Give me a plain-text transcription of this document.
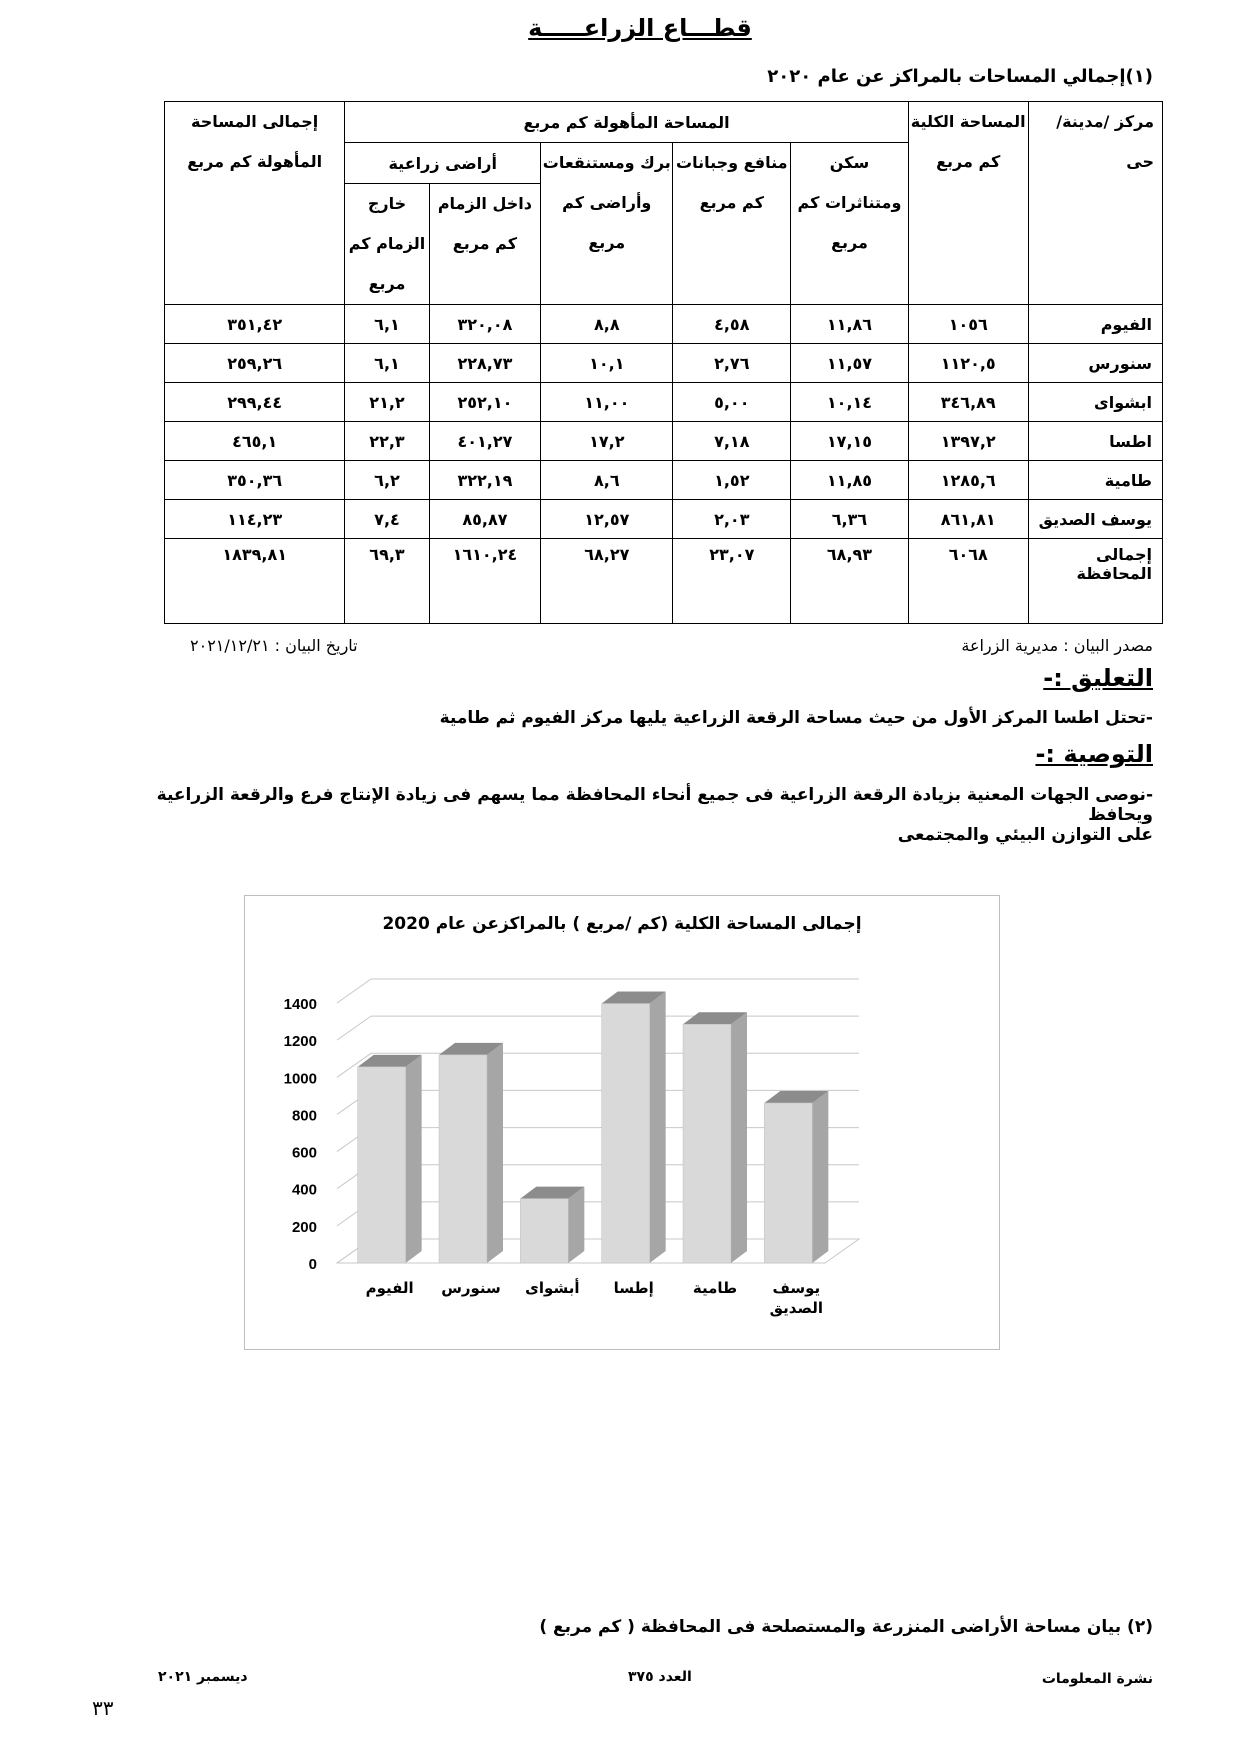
قطـــاع الزراعـــــة
(١)إجمالي المساحات بالمراكز عن عام ٢٠٢٠
مركز /مدينة/حى	المساحة الكلية كم مربع	المساحة المأهولة كم مربع					إجمالى المساحة المأهولة كم مربع
		سكن ومتناثرات كم مربع	منافع وجبانات كم مربع	برك ومستنقعات وأراضى كم مربع	أراضى زراعية		
					داخل الزمام كم مربع	خارج الزمام كم مربع	
الفيوم	١٠٥٦	١١,٨٦	٤,٥٨	٨,٨	٣٢٠,٠٨	٦,١	٣٥١,٤٢
سنورس	١١٢٠,٥	١١,٥٧	٢,٧٦	١٠,١	٢٢٨,٧٣	٦,١	٢٥٩,٢٦
ابشواى	٣٤٦,٨٩	١٠,١٤	٥,٠٠	١١,٠٠	٢٥٢,١٠	٢١,٢	٢٩٩,٤٤
اطسا	١٣٩٧,٢	١٧,١٥	٧,١٨	١٧,٢	٤٠١,٢٧	٢٢,٣	٤٦٥,١
طامية	١٢٨٥,٦	١١,٨٥	١,٥٢	٨,٦	٣٢٢,١٩	٦,٢	٣٥٠,٣٦
يوسف الصديق	٨٦١,٨١	٦,٣٦	٢,٠٣	١٢,٥٧	٨٥,٨٧	٧,٤	١١٤,٢٣
إجمالى المحافظة	٦٠٦٨	٦٨,٩٣	٢٣,٠٧	٦٨,٢٧	١٦١٠,٢٤	٦٩,٣	١٨٣٩,٨١
مصدر البيان : مديرية الزراعة
تاريخ البيان : ٢٠٢١/١٢/٢١
التعليق :-
-تحتل اطسا المركز الأول من حيث مساحة الرقعة الزراعية يليها مركز الفيوم ثم طامية
التوصية :-
-نوصى الجهات المعنية بزيادة الرقعة الزراعية فى جميع أنحاء المحافظة مما يسهم فى زيادة الإنتاج فرع والرقعة الزراعية ويحافظ
على التوازن البيئي والمجتمعى
إجمالى المساحة الكلية (كم /مربع ) بالمراكزعن عام 2020
0
200
400
600
800
1000
1200
1400
الفيوم سنورس أبشواى إطسا	طامية يوسف
الصديق
(٢) بيان مساحة الأراضى المنزرعة والمستصلحة فى المحافظة ( كم مربع )
نشرة المعلومات
العدد ٣٧٥
ديسمبر ٢٠٢١
٣٣
